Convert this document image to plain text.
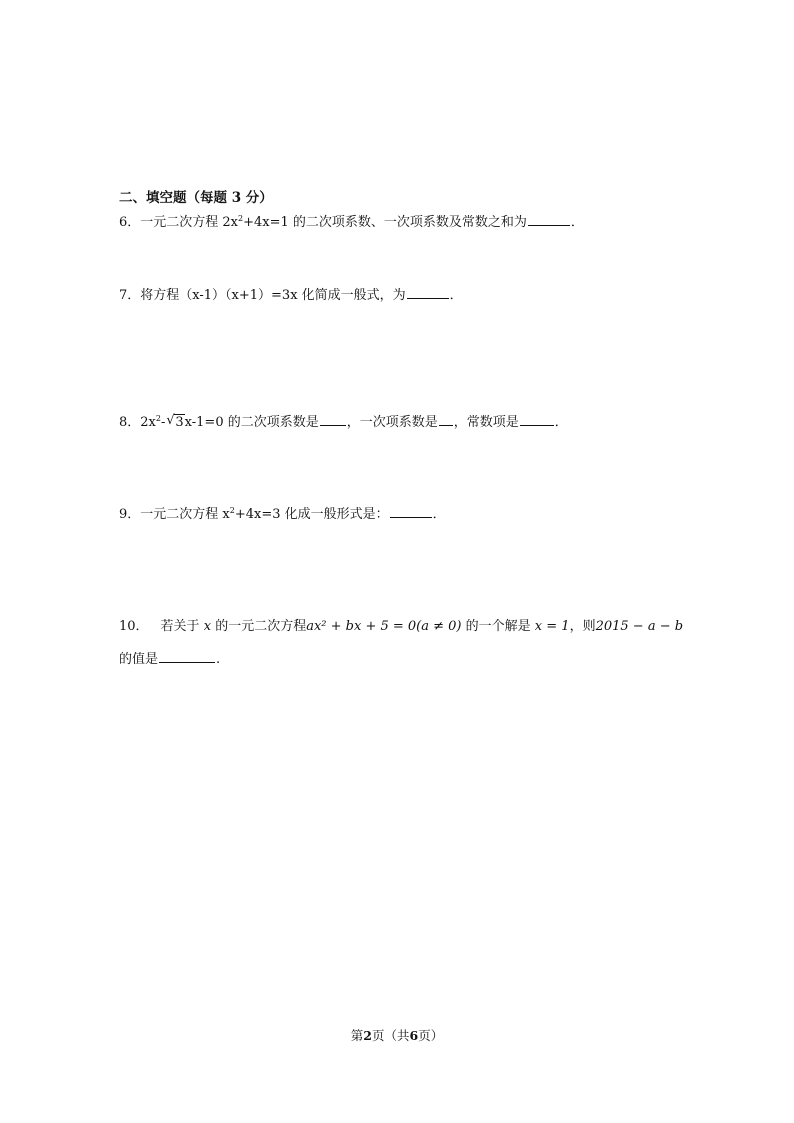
二、填空题（每题 3 分）
6．一元二次方程 $2x^2+4x=1$ 的二次项系数、一次项系数及常数之和为	．
7．将方程（x-1）（x+1）=3x 化简成一般式，为	．
8．$2x^2-$ √ 3x-1=0 的二次项系数是 ，一次项系数是 ，常数项是	．
9．一元二次方程 $x^2+4x=3$ 化成一般形式是：	．
10． 若关于 x 的一元二次方程ax² + bx + 5 = 0(a ≠ 0) 的一个解是 x = 1，则2015 − a − b
的值是	.
第2页（共6页）
